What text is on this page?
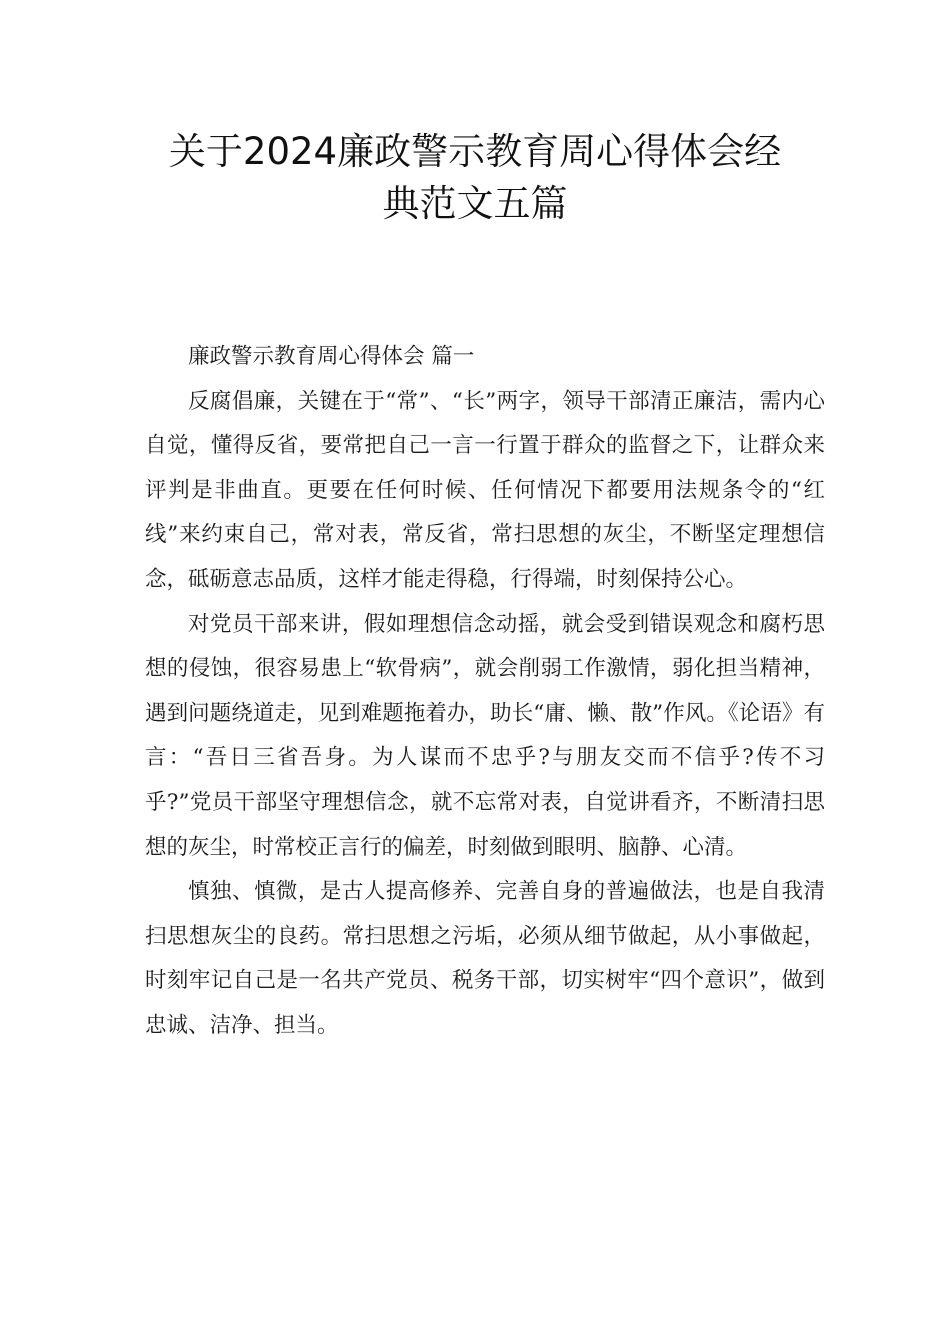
关于2024廉政警示教育周心得体会经
典范文五篇

廉政警示教育周心得体会 篇一

反腐倡廉，关键在于“常”、“长”两字，领导干部清正廉洁，需内心自觉，懂得反省，要常把自己一言一行置于群众的监督之下，让群众来评判是非曲直。更要在任何时候、任何情况下都要用法规条令的“红线”来约束自己，常对表，常反省，常扫思想的灰尘，不断坚定理想信念，砥砺意志品质，这样才能走得稳，行得端，时刻保持公心。

对党员干部来讲，假如理想信念动摇，就会受到错误观念和腐朽思想的侵蚀，很容易患上“软骨病”，就会削弱工作激情，弱化担当精神，遇到问题绕道走，见到难题拖着办，助长“庸、懒、散”作风。《论语》有言：“吾日三省吾身。为人谋而不忠乎?与朋友交而不信乎?传不习乎?”党员干部坚守理想信念，就不忘常对表，自觉讲看齐，不断清扫思想的灰尘，时常校正言行的偏差，时刻做到眼明、脑静、心清。

慎独、慎微，是古人提高修养、完善自身的普遍做法，也是自我清扫思想灰尘的良药。常扫思想之污垢，必须从细节做起，从小事做起，时刻牢记自己是一名共产党员、税务干部，切实树牢“四个意识”，做到忠诚、洁净、担当。
